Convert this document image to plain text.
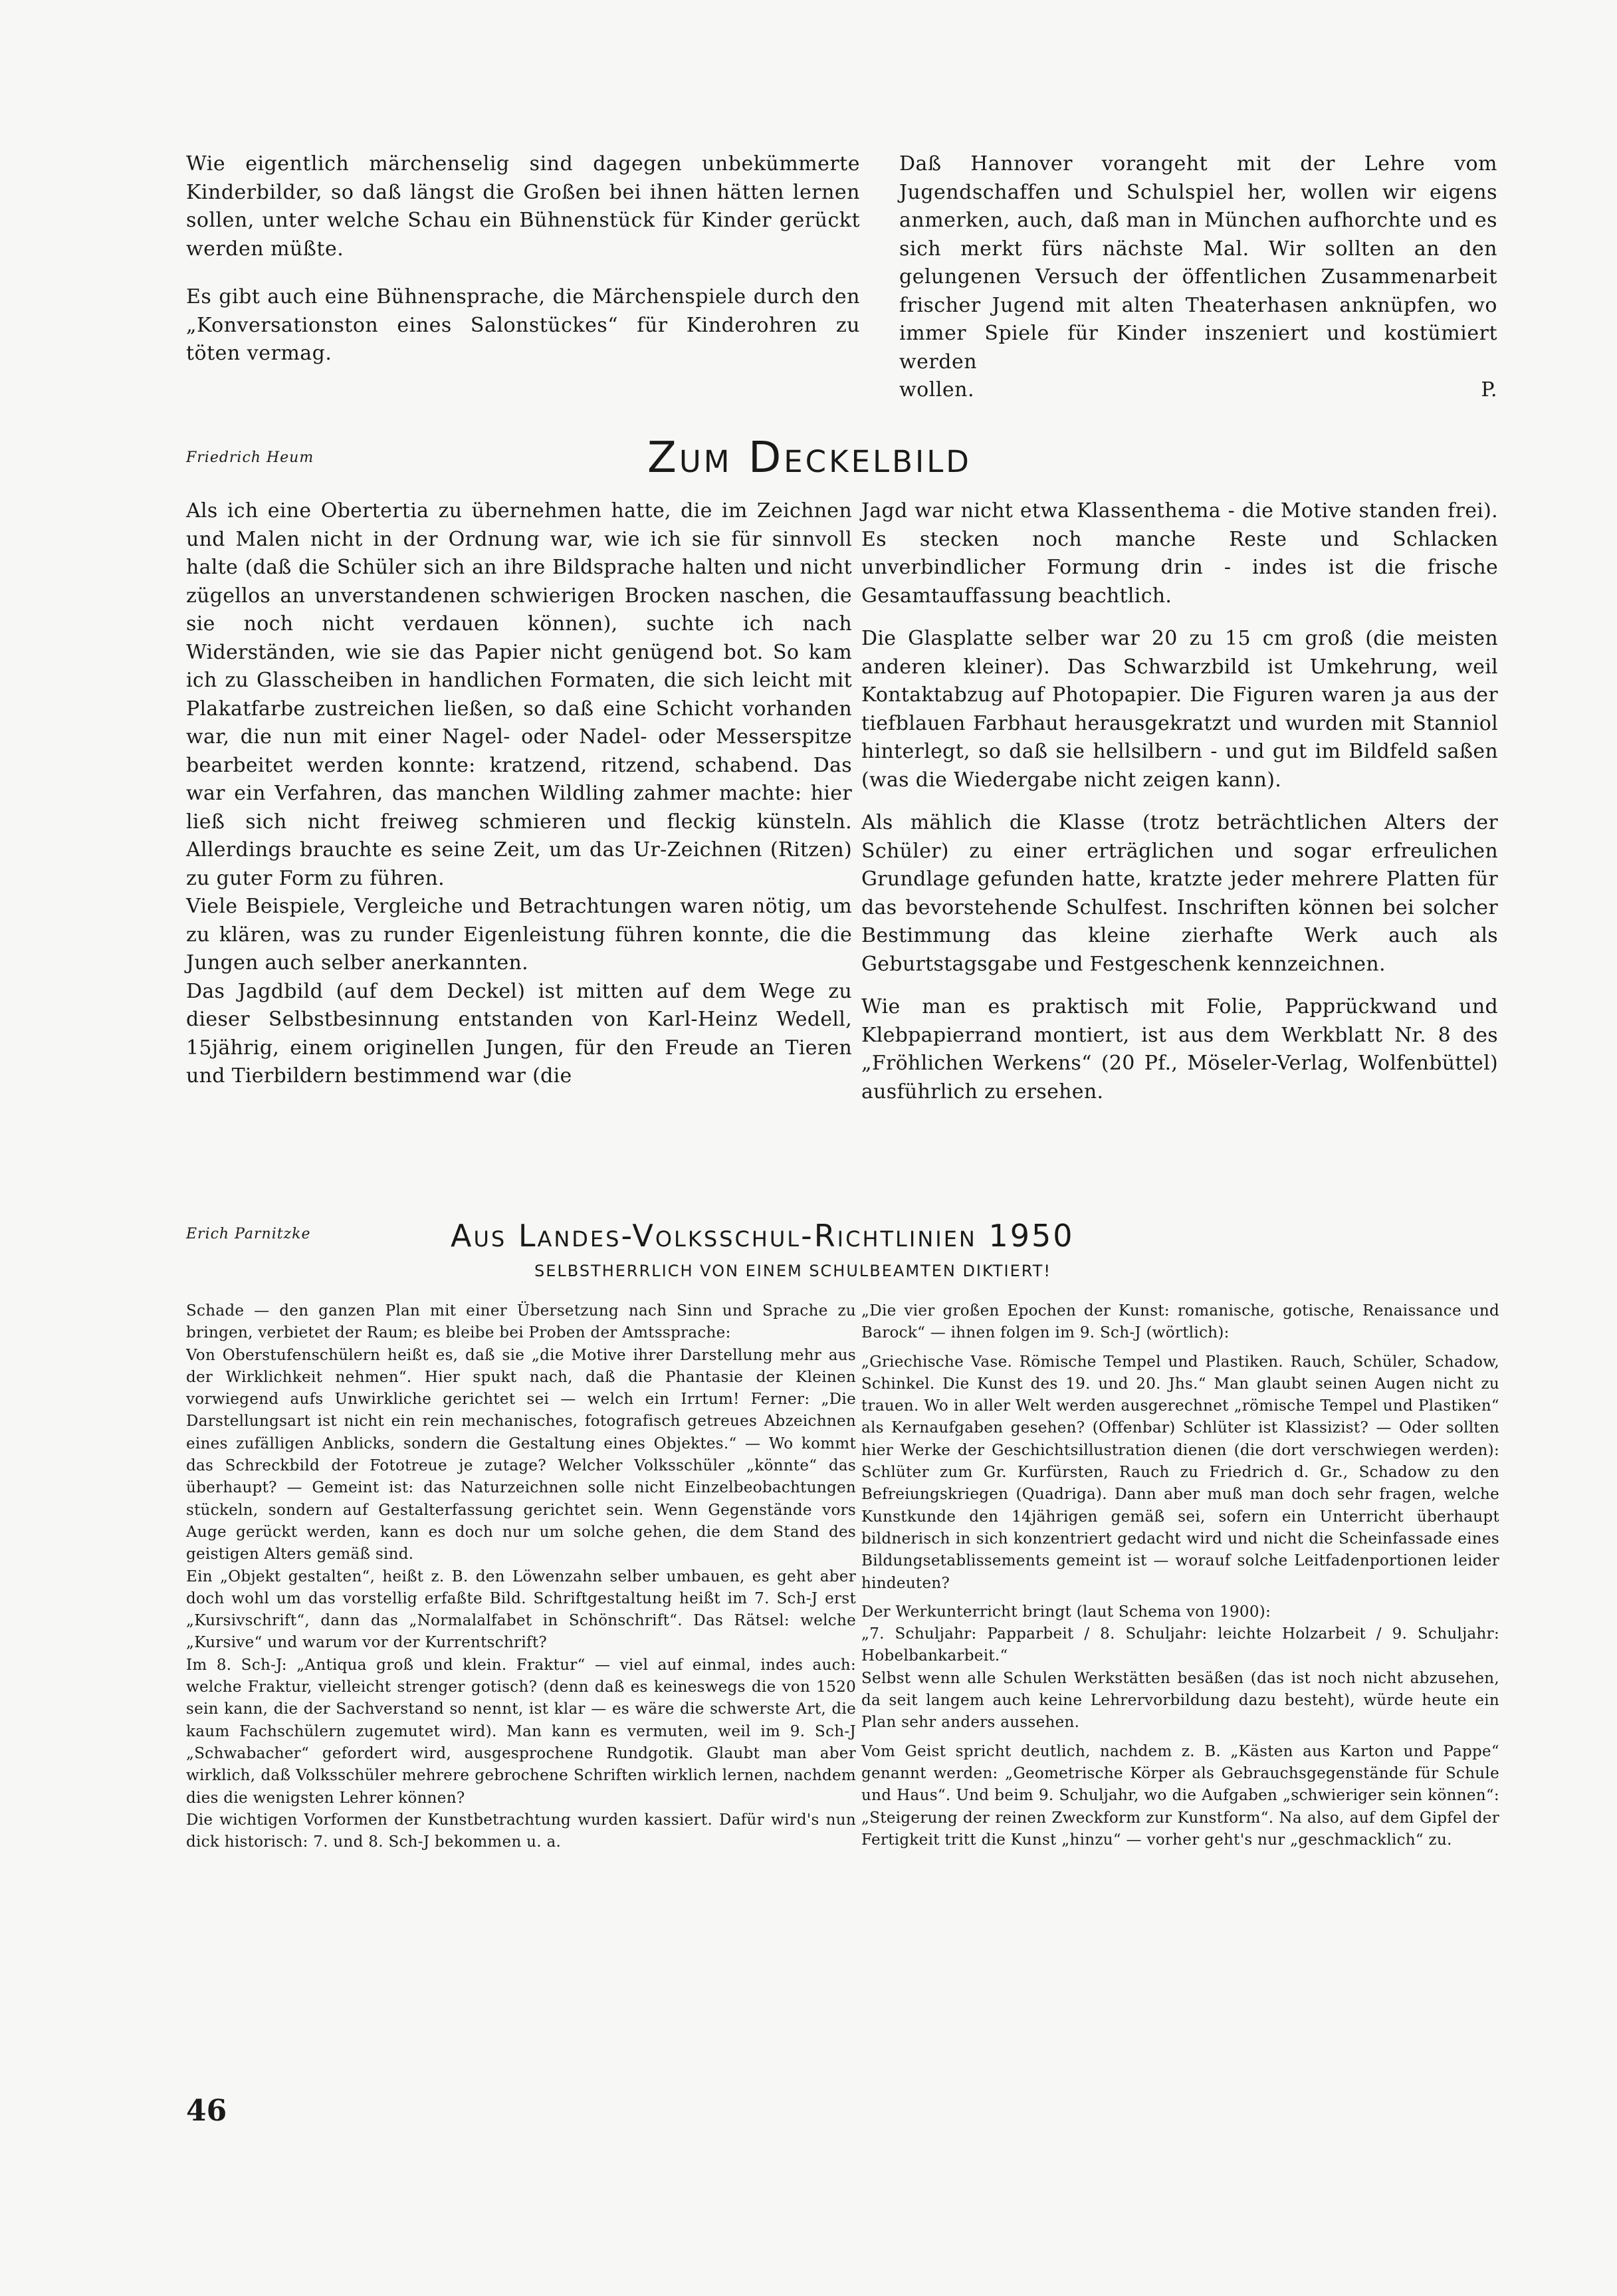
Wie eigentlich märchenselig sind dagegen unbekümmerte Kinderbilder, so daß längst die Großen bei ihnen hätten lernen sollen, unter welche Schau ein Bühnenstück für Kinder gerückt werden müßte.

Es gibt auch eine Bühnensprache, die Märchenspiele durch den „Konversationston eines Salonstückes“ für Kinderohren zu töten vermag.

Daß Hannover vorangeht mit der Lehre vom Jugendschaffen und Schulspiel her, wollen wir eigens anmerken, auch, daß man in München aufhorchte und es sich merkt fürs nächste Mal. Wir sollten an den gelungenen Versuch der öffentlichen Zusammenarbeit frischer Jugend mit alten Theaterhasen anknüpfen, wo immer Spiele für Kinder inszeniert und kostümiert werden

wollen.	P.

Friedrich Heum	Zum Deckelbild

Als ich eine Obertertia zu übernehmen hatte, die im Zeichnen und Malen nicht in der Ordnung war, wie ich sie für sinnvoll halte (daß die Schüler sich an ihre Bildsprache halten und nicht zügellos an unverstandenen schwierigen Brocken naschen, die sie noch nicht verdauen können), suchte ich nach Widerständen, wie sie das Papier nicht genügend bot. So kam ich zu Glasscheiben in handlichen Formaten, die sich leicht mit Plakatfarbe zustreichen ließen, so daß eine Schicht vorhanden war, die nun mit einer Nagel- oder Nadel- oder Messerspitze bearbeitet werden konnte: kratzend, ritzend, schabend. Das war ein Verfahren, das manchen Wildling zahmer machte: hier ließ sich nicht freiweg schmieren und fleckig künsteln. Allerdings brauchte es seine Zeit, um das Ur-Zeichnen (Ritzen) zu guter Form zu führen.

Viele Beispiele, Vergleiche und Betrachtungen waren nötig, um zu klären, was zu runder Eigenleistung führen konnte, die die Jungen auch selber anerkannten.

Das Jagdbild (auf dem Deckel) ist mitten auf dem Wege zu dieser Selbstbesinnung entstanden von Karl-Heinz Wedell, 15jährig, einem originellen Jungen, für den Freude an Tieren und Tierbildern bestimmend war (die

Jagd war nicht etwa Klassenthema - die Motive standen frei). Es stecken noch manche Reste und Schlacken unverbindlicher Formung drin - indes ist die frische Gesamtauffassung beachtlich.

Die Glasplatte selber war 20 zu 15 cm groß (die meisten anderen kleiner). Das Schwarzbild ist Umkehrung, weil Kontaktabzug auf Photopapier. Die Figuren waren ja aus der tiefblauen Farbhaut herausgekratzt und wurden mit Stanniol hinterlegt, so daß sie hellsilbern - und gut im Bildfeld saßen (was die Wiedergabe nicht zeigen kann).

Als mählich die Klasse (trotz beträchtlichen Alters der Schüler) zu einer erträglichen und sogar erfreulichen Grundlage gefunden hatte, kratzte jeder mehrere Platten für das bevorstehende Schulfest. Inschriften können bei solcher Bestimmung das kleine zierhafte Werk auch als Geburtstagsgabe und Festgeschenk kennzeichnen.

Wie man es praktisch mit Folie, Papprückwand und Klebpapierrand montiert, ist aus dem Werkblatt Nr. 8 des „Fröhlichen Werkens“ (20 Pf., Möseler-Verlag, Wolfenbüttel) ausführlich zu ersehen.

Erich Parnitzke	Aus Landes-Volksschul-Richtlinien 1950
SELBSTHERRLICH VON EINEM SCHULBEAMTEN DIKTIERT!

Schade — den ganzen Plan mit einer Übersetzung nach Sinn und Sprache zu bringen, verbietet der Raum; es bleibe bei Proben der Amtssprache:

Von Oberstufenschülern heißt es, daß sie „die Motive ihrer Darstellung mehr aus der Wirklichkeit nehmen“. Hier spukt nach, daß die Phantasie der Kleinen vorwiegend aufs Unwirkliche gerichtet sei — welch ein Irrtum! Ferner: „Die Darstellungsart ist nicht ein rein mechanisches, fotografisch getreues Abzeichnen eines zufälligen Anblicks, sondern die Gestaltung eines Objektes.“ — Wo kommt das Schreckbild der Fototreue je zutage? Welcher Volksschüler „könnte“ das überhaupt? — Gemeint ist: das Naturzeichnen solle nicht Einzelbeobachtungen stückeln, sondern auf Gestalterfassung gerichtet sein. Wenn Gegenstände vors Auge gerückt werden, kann es doch nur um solche gehen, die dem Stand des geistigen Alters gemäß sind.

Ein „Objekt gestalten“, heißt z. B. den Löwenzahn selber umbauen, es geht aber doch wohl um das vorstellig erfaßte Bild. Schriftgestaltung heißt im 7. Sch-J erst „Kursivschrift“, dann das „Normalalfabet in Schönschrift“. Das Rätsel: welche „Kursive“ und warum vor der Kurrentschrift?

Im 8. Sch-J: „Antiqua groß und klein. Fraktur“ — viel auf einmal, indes auch: welche Fraktur, vielleicht strenger gotisch? (denn daß es keineswegs die von 1520 sein kann, die der Sachverstand so nennt, ist klar — es wäre die schwerste Art, die kaum Fachschülern zugemutet wird). Man kann es vermuten, weil im 9. Sch-J „Schwabacher“ gefordert wird, ausgesprochene Rundgotik. Glaubt man aber wirklich, daß Volksschüler mehrere gebrochene Schriften wirklich lernen, nachdem dies die wenigsten Lehrer können?

Die wichtigen Vorformen der Kunstbetrachtung wurden kassiert. Dafür wird's nun dick historisch: 7. und 8. Sch-J bekommen u. a.

„Die vier großen Epochen der Kunst: romanische, gotische, Renaissance und Barock“ — ihnen folgen im 9. Sch-J (wörtlich):

„Griechische Vase. Römische Tempel und Plastiken. Rauch, Schüler, Schadow, Schinkel. Die Kunst des 19. und 20. Jhs.“ Man glaubt seinen Augen nicht zu trauen. Wo in aller Welt werden ausgerechnet „römische Tempel und Plastiken“ als Kernaufgaben gesehen? (Offenbar) Schlüter ist Klassizist? — Oder sollten hier Werke der Geschichtsillustration dienen (die dort verschwiegen werden): Schlüter zum Gr. Kurfürsten, Rauch zu Friedrich d. Gr., Schadow zu den Befreiungskriegen (Quadriga). Dann aber muß man doch sehr fragen, welche Kunstkunde den 14jährigen gemäß sei, sofern ein Unterricht überhaupt bildnerisch in sich konzentriert gedacht wird und nicht die Scheinfassade eines Bildungsetablissements gemeint ist — worauf solche Leitfadenportionen leider hindeuten?

Der Werkunterricht bringt (laut Schema von 1900):

„7. Schuljahr: Papparbeit / 8. Schuljahr: leichte Holzarbeit / 9. Schuljahr: Hobelbankarbeit.“

Selbst wenn alle Schulen Werkstätten besäßen (das ist noch nicht abzusehen, da seit langem auch keine Lehrervorbildung dazu besteht), würde heute ein Plan sehr anders aussehen.

Vom Geist spricht deutlich, nachdem z. B. „Kästen aus Karton und Pappe“ genannt werden: „Geometrische Körper als Gebrauchsgegenstände für Schule und Haus“. Und beim 9. Schuljahr, wo die Aufgaben „schwieriger sein können“: „Steigerung der reinen Zweckform zur Kunstform“. Na also, auf dem Gipfel der Fertigkeit tritt die Kunst „hinzu“ — vorher geht's nur „geschmacklich“ zu.

46
